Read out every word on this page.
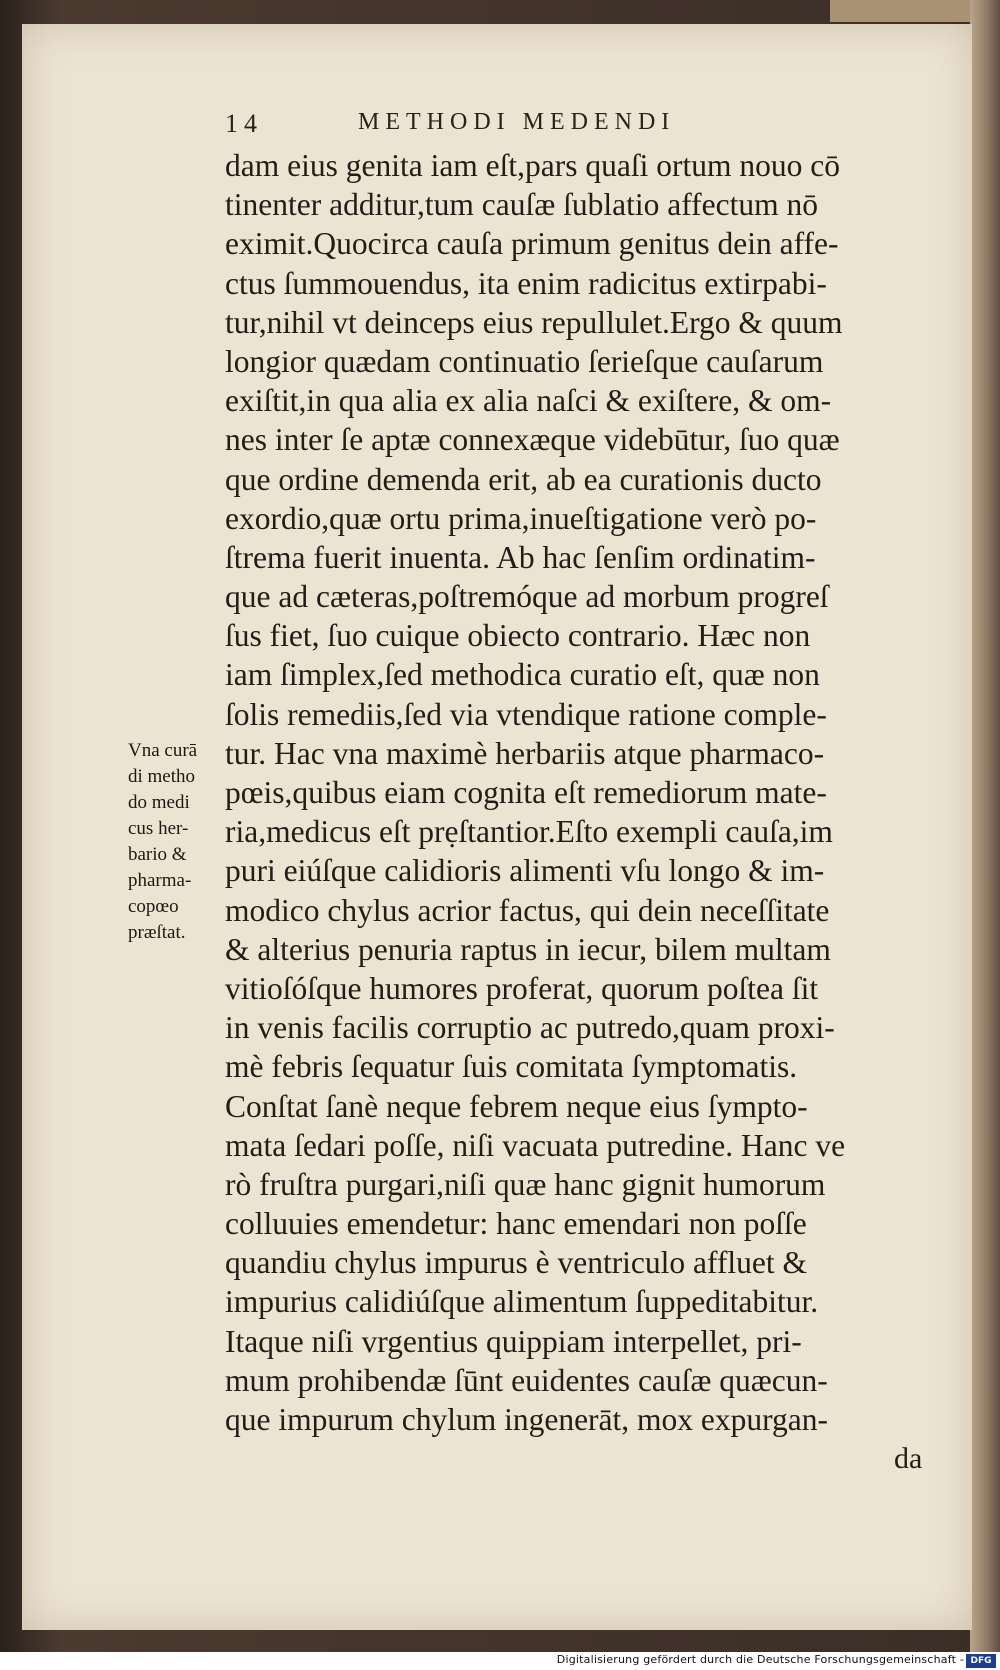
14	METHODI MEDENDI
dam eius genita iam eſt,pars quaſi ortum nouo cō
tinenter additur,tum cauſæ ſublatio affectum nō
eximit.Quocirca cauſa primum genitus dein affe-
ctus ſummouendus, ita enim radicitus extirpabi-
tur,nihil vt deinceps eius repullulet.Ergo & quum
longior quædam continuatio ſerieſque cauſarum
exiſtit,in qua alia ex alia naſci & exiſtere, & om-
nes inter ſe aptæ connexæque videbūtur, ſuo quæ
que ordine demenda erit, ab ea curationis ducto
exordio,quæ ortu prima,inueſtigatione verò po-
ſtrema fuerit inuenta. Ab hac ſenſim ordinatim-
que ad cæteras,poſtremóque ad morbum progreſ
ſus fiet, ſuo cuique obiecto contrario. Hæc non
iam ſimplex,ſed methodica curatio eſt, quæ non
ſolis remediis,ſed via vtendique ratione comple-
tur. Hac vna maximè herbariis atque pharmaco-
pœis,quibus eiam cognita eſt remediorum mate-
ria,medicus eſt prẹſtantior.Eſto exempli cauſa,im
puri eiúſque calidioris alimenti vſu longo & im-
modico chylus acrior factus, qui dein neceſſitate
& alterius penuria raptus in iecur, bilem multam
vitioſóſque humores proferat, quorum poſtea ſit
in venis facilis corruptio ac putredo,quam proxi-
mè febris ſequatur ſuis comitata ſymptomatis.
Conſtat ſanè neque febrem neque eius ſympto-
mata ſedari poſſe, niſi vacuata putredine. Hanc ve
rò fruſtra purgari,niſi quæ hanc gignit humorum
colluuies emendetur: hanc emendari non poſſe
quandiu chylus impurus è ventriculo affluet &
impurius calidiúſque alimentum ſuppeditabitur.
Itaque niſi vrgentius quippiam interpellet, pri-
mum prohibendæ ſūnt euidentes cauſæ quæcun-
que impurum chylum ingenerāt, mox expurgan-
da
Vna curā
di metho
do medi
cus her-
bario &
pharma-
copœo
præſtat.
Digitalisierung gefördert durch die Deutsche Forschungsgemeinschaft - DFG
